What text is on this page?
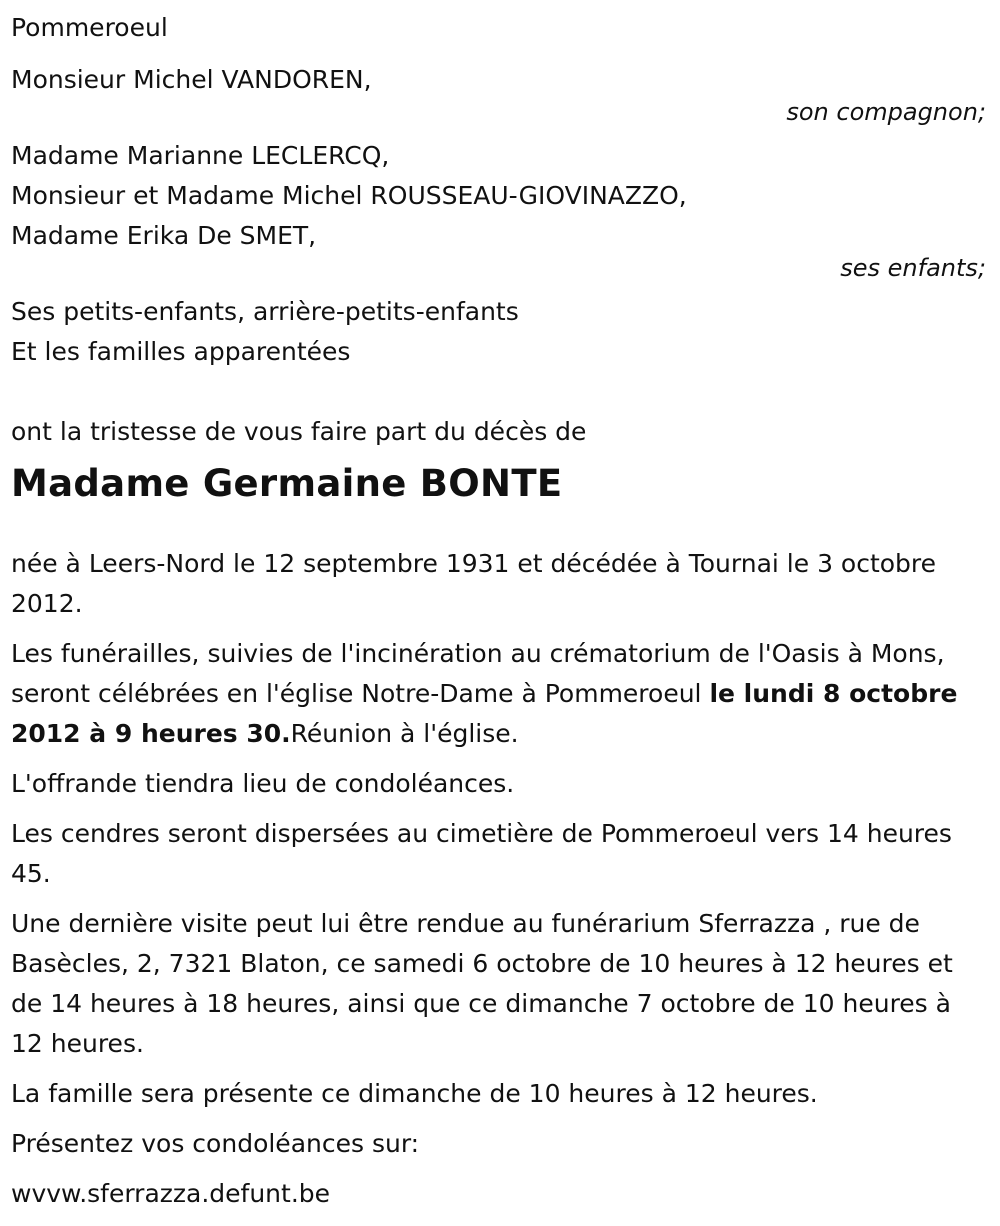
Pommeroeul
Monsieur Michel VANDOREN,
son compagnon;
Madame Marianne LECLERCQ,
Monsieur et Madame Michel ROUSSEAU-GIOVINAZZO,
Madame Erika De SMET,
ses enfants;
Ses petits-enfants, arrière-petits-enfants
Et les familles apparentées
ont la tristesse de vous faire part du décès de
Madame Germaine BONTE
née à Leers-Nord le 12 septembre 1931 et décédée à Tournai le 3 octobre 2012.
Les funérailles, suivies de l'incinération au crématorium de l'Oasis à Mons, seront célébrées en l'église Notre-Dame à Pommeroeul le lundi 8 octobre 2012 à 9 heures 30.Réunion à l'église.
L'offrande tiendra lieu de condoléances.
Les cendres seront dispersées au cimetière de Pommeroeul vers 14 heures 45.
Une dernière visite peut lui être rendue au funérarium Sferrazza , rue de Basècles, 2, 7321 Blaton, ce samedi 6 octobre de 10 heures à 12 heures et de 14 heures à 18 heures, ainsi que ce dimanche 7 octobre de 10 heures à 12 heures.
La famille sera présente ce dimanche de 10 heures à 12 heures.
Présentez vos condoléances sur:
wvvw.sferrazza.defunt.be
